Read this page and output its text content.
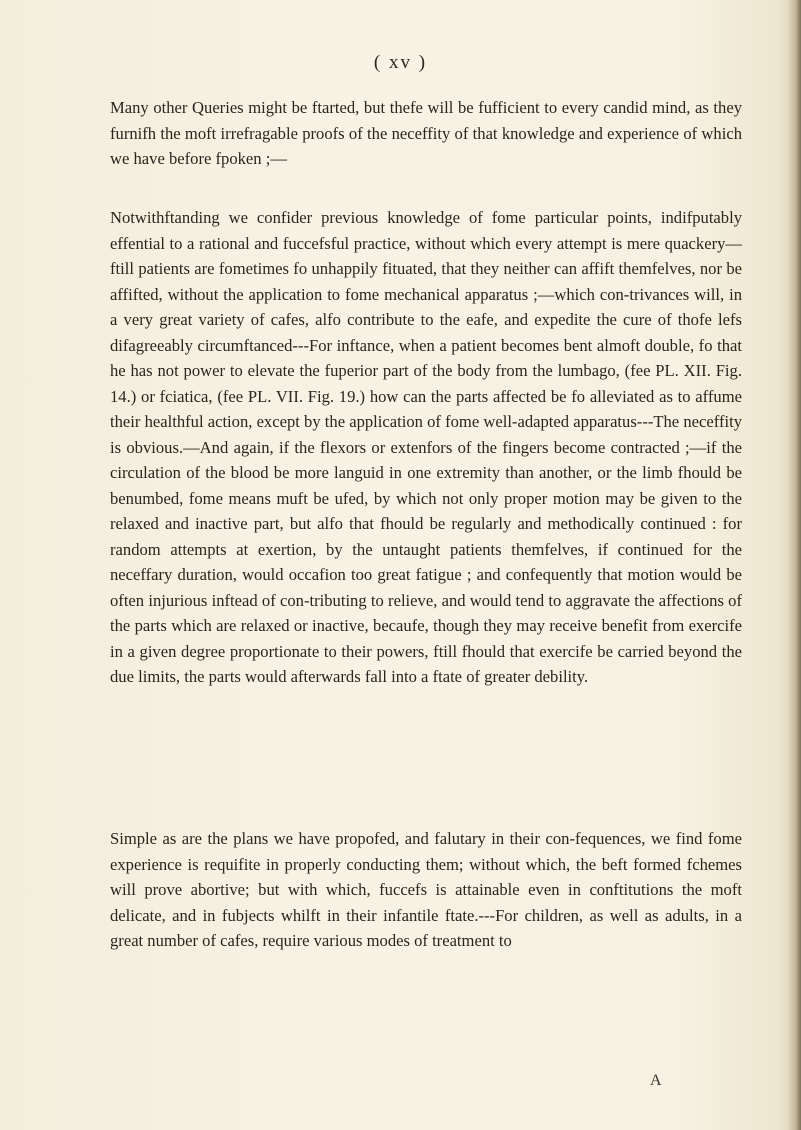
( xv )

Many other Queries might be ftarted, but thefe will be fufficient to every candid mind, as they furnifh the moft irrefragable proofs of the neceffity of that knowledge and experience of which we have before fpoken ;—

Notwithftanding we confider previous knowledge of fome particular points, indifputably effential to a rational and fuccefsful practice, without which every attempt is mere quackery—ftill patients are fometimes fo unhappily fituated, that they neither can affift themfelves, nor be affifted, without the application to fome mechanical apparatus ;—which con-trivances will, in a very great variety of cafes, alfo contribute to the eafe, and expedite the cure of thofe lefs difagreeably circumftanced---For inftance, when a patient becomes bent almoft double, fo that he has not power to elevate the fuperior part of the body from the lumbago, (fee PL. XII. Fig. 14.) or fciatica, (fee PL. VII. Fig. 19.) how can the parts affected be fo alleviated as to affume their healthful action, except by the application of fome well-adapted apparatus---The neceffity is obvious.—And again, if the flexors or extenfors of the fingers become contracted ;—if the circulation of the blood be more languid in one extremity than another, or the limb fhould be benumbed, fome means muft be ufed, by which not only proper motion may be given to the relaxed and inactive part, but alfo that fhould be regularly and methodically continued : for random attempts at exertion, by the untaught patients themfelves, if continued for the neceffary duration, would occafion too great fatigue ; and confequently that motion would be often injurious inftead of con-tributing to relieve, and would tend to aggravate the affections of the parts which are relaxed or inactive, becaufe, though they may receive benefit from exercife in a given degree proportionate to their powers, ftill fhould that exercife be carried beyond the due limits, the parts would afterwards fall into a ftate of greater debility.

Simple as are the plans we have propofed, and falutary in their con-fequences, we find fome experience is requifite in properly conducting them; without which, the beft formed fchemes will prove abortive; but with which, fuccefs is attainable even in conftitutions the moft delicate, and in fubjects whilft in their infantile ftate.---For children, as well as adults, in a great number of cafes, require various modes of treatment to

A
